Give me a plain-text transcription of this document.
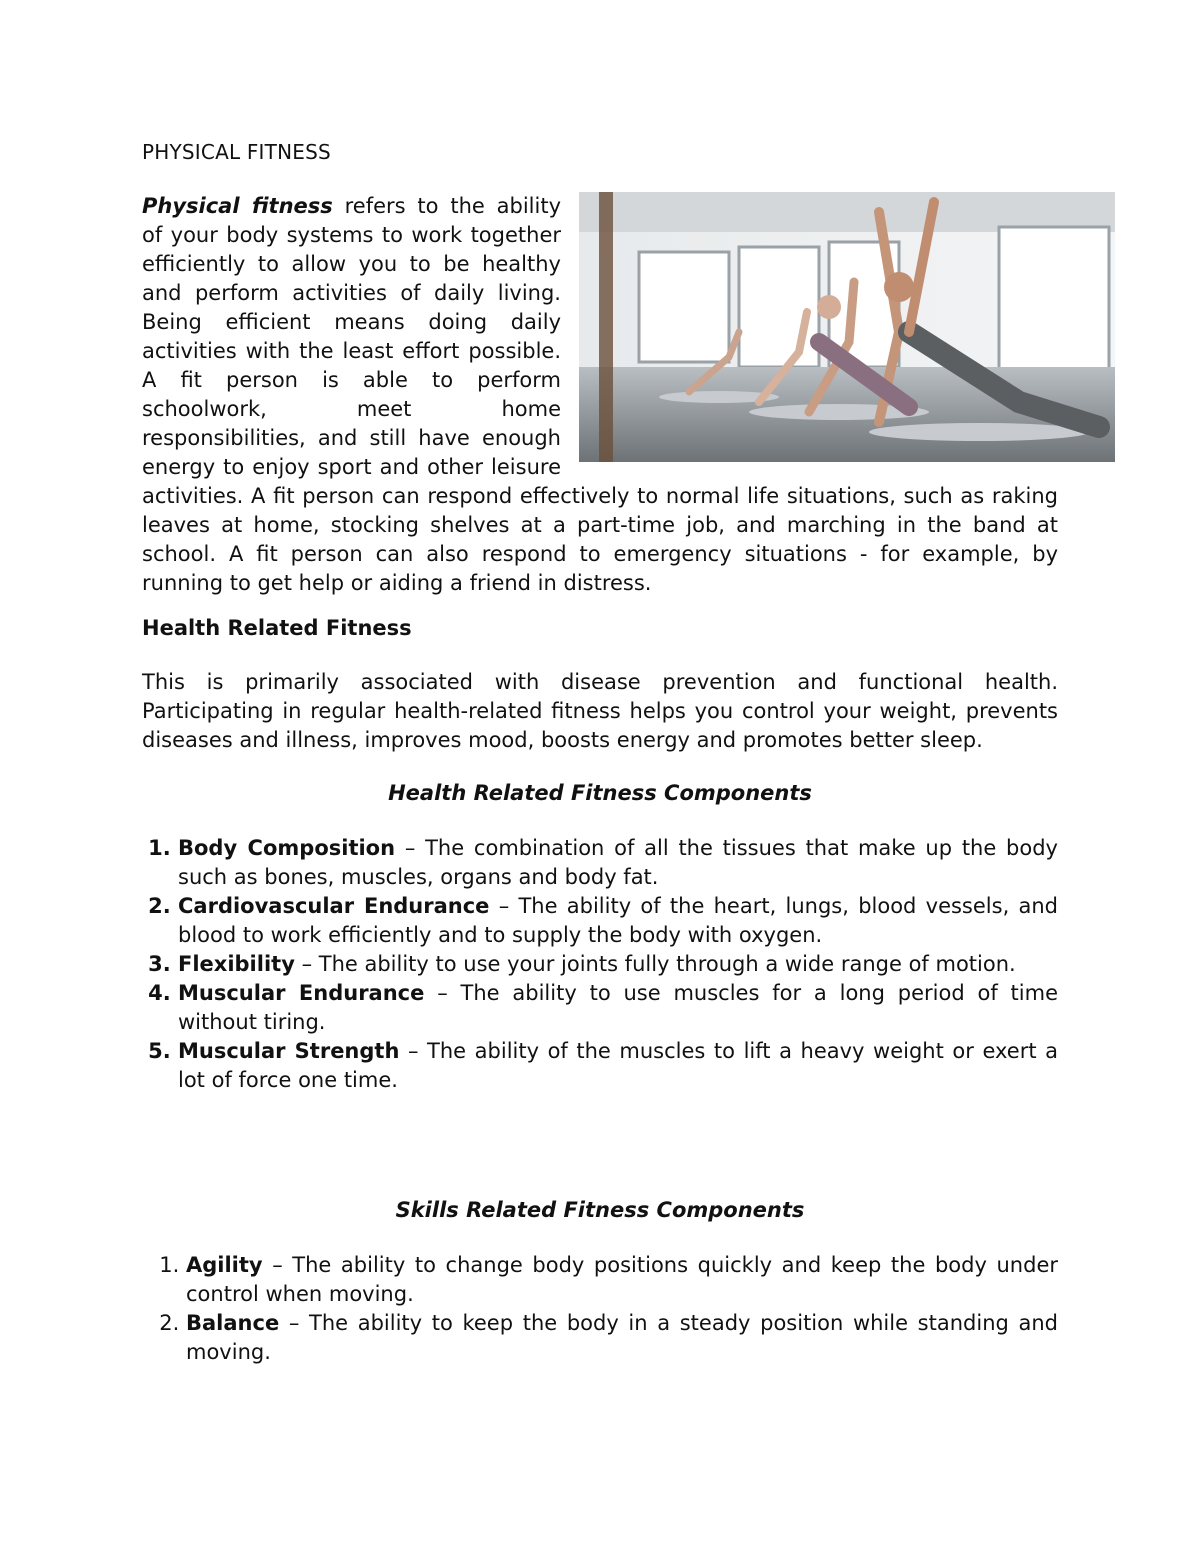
PHYSICAL FITNESS

Physical fitness refers to the ability of your body systems to work together efficiently to allow you to be healthy and perform activities of daily living. Being efficient means doing daily activities with the least effort possible. A fit person is able to perform schoolwork, meet home responsibilities, and still have enough energy to enjoy sport and other leisure activities. A fit person can respond effectively to normal life situations, such as raking leaves at home, stocking shelves at a part-time job, and marching in the band at school. A fit person can also respond to emergency situations - for example, by running to get help or aiding a friend in distress.

Health Related Fitness

This is primarily associated with disease prevention and functional health. Participating in regular health-related fitness helps you control your weight, prevents diseases and illness, improves mood, boosts energy and promotes better sleep.

Health Related Fitness Components
1. Body Composition – The combination of all the tissues that make up the body such as bones, muscles, organs and body fat.
2. Cardiovascular Endurance – The ability of the heart, lungs, blood vessels, and blood to work efficiently and to supply the body with oxygen.
3. Flexibility – The ability to use your joints fully through a wide range of motion.
4. Muscular Endurance – The ability to use muscles for a long period of time without tiring.
5. Muscular Strength – The ability of the muscles to lift a heavy weight or exert a lot of force one time.
Skills Related Fitness Components
1. Agility – The ability to change body positions quickly and keep the body under control when moving.
2. Balance – The ability to keep the body in a steady position while standing and moving.
